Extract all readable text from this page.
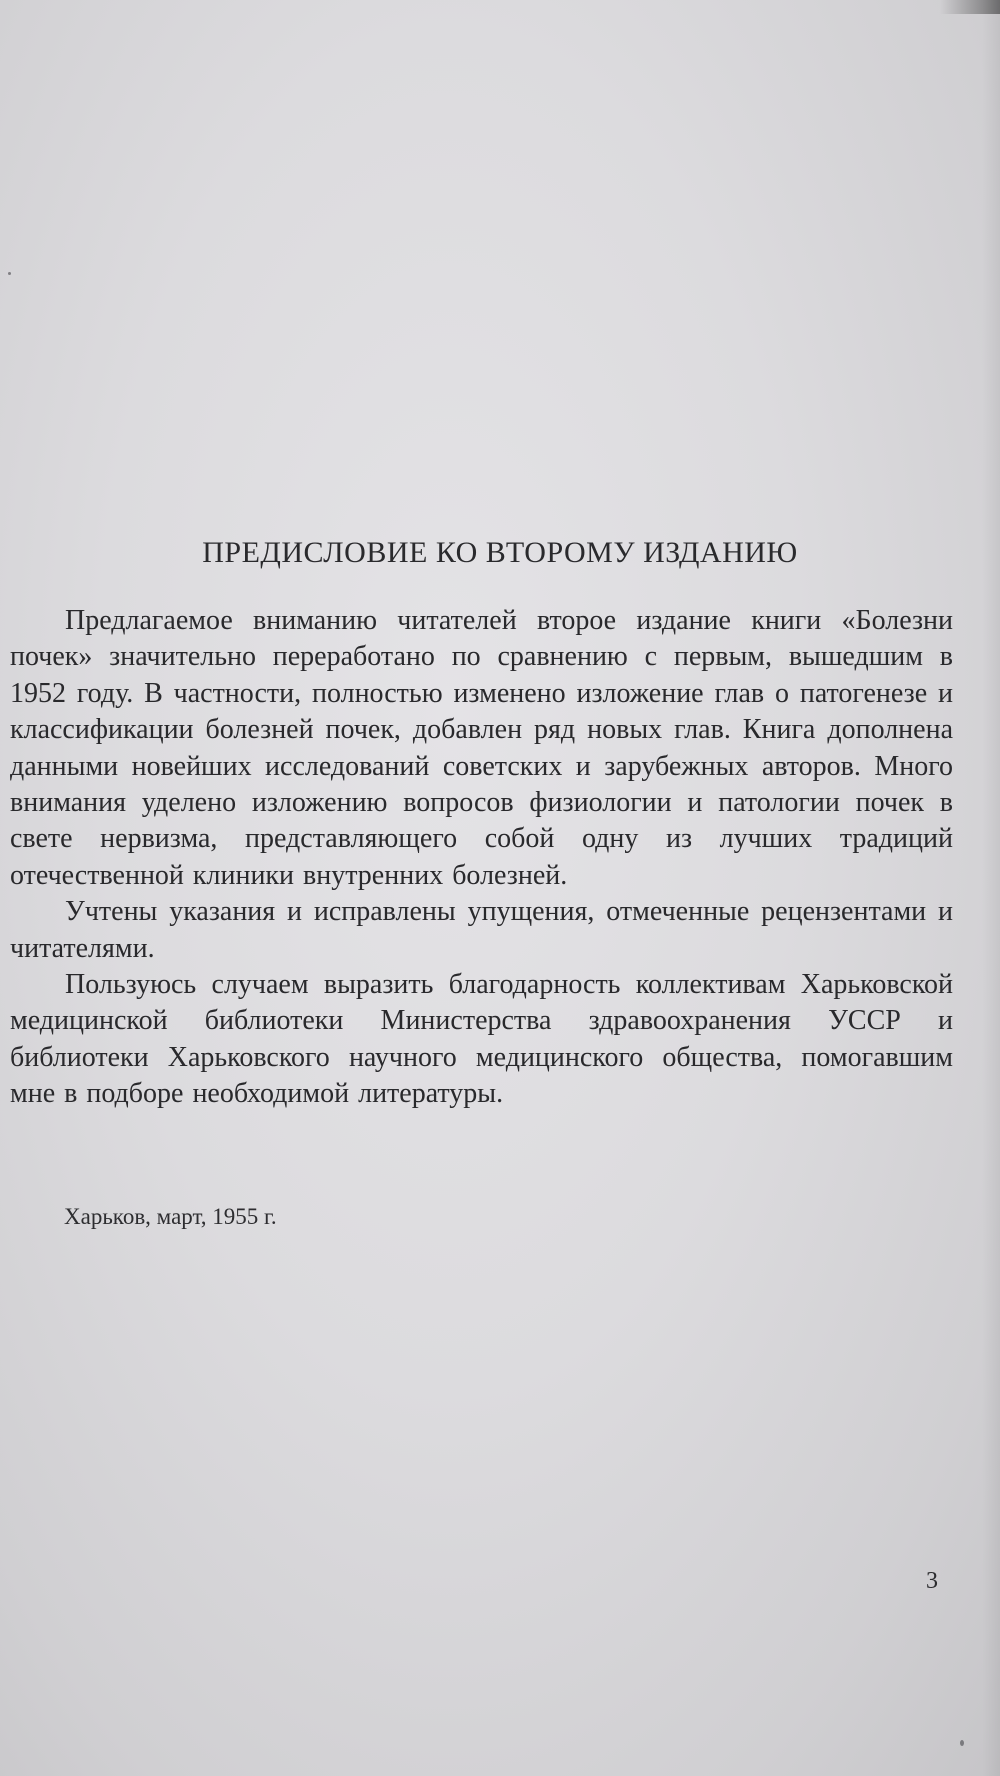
ПРЕДИСЛОВИЕ КО ВТОРОМУ ИЗДАНИЮ

Предлагаемое вниманию читателей второе издание книги «Болезни почек» значительно переработано по сравнению с первым, вышедшим в 1952 году. В частности, полностью изменено изложение глав о патогенезе и классификации болезней почек, добавлен ряд новых глав. Книга дополнена данными новейших исследований советских и зарубежных авторов. Много внимания уделено изложению вопросов физиологии и патологии почек в свете нервизма, представляющего собой одну из лучших традиций отечественной клиники внутренних болезней.

Учтены указания и исправлены упущения, отмеченные рецензентами и читателями.

Пользуюсь случаем выразить благодарность коллективам Харьковской медицинской библиотеки Министерства здравоохранения УССР и библиотеки Харьковского научного медицинского общества, помогавшим мне в подборе необходимой литературы.

Харьков, март, 1955 г.
3
